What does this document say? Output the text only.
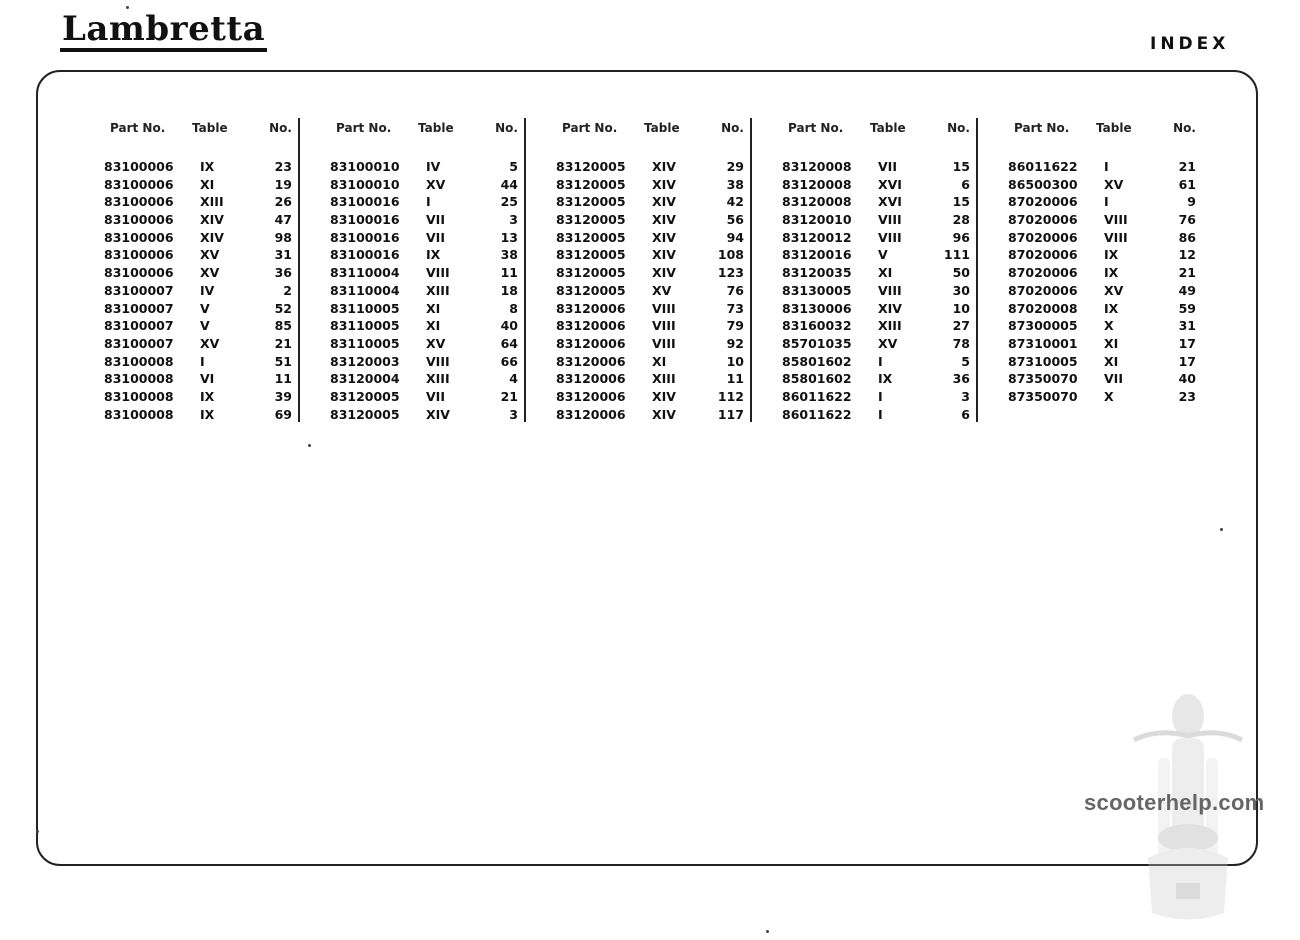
Lambretta	INDEX
Part No.	Table	No.
83100006	IX	23
83100006	XI	19
83100006	XIII	26
83100006	XIV	47
83100006	XIV	98
83100006	XV	31
83100006	XV	36
83100007	IV	2
83100007	V	52
83100007	V	85
83100007	XV	21
83100008	I	51
83100008	VI	11
83100008	IX	39
83100008	IX	69
Part No.	Table	No.
83100010	IV	5
83100010	XV	44
83100016	I	25
83100016	VII	3
83100016	VII	13
83100016	IX	38
83110004	VIII	11
83110004	XIII	18
83110005	XI	8
83110005	XI	40
83110005	XV	64
83120003	VIII	66
83120004	XIII	4
83120005	VII	21
83120005	XIV	3
Part No.	Table	No.
83120005	XIV	29
83120005	XIV	38
83120005	XIV	42
83120005	XIV	56
83120005	XIV	94
83120005	XIV	108
83120005	XIV	123
83120005	XV	76
83120006	VIII	73
83120006	VIII	79
83120006	VIII	92
83120006	XI	10
83120006	XIII	11
83120006	XIV	112
83120006	XIV	117
Part No.	Table	No.
83120008	VII	15
83120008	XVI	6
83120008	XVI	15
83120010	VIII	28
83120012	VIII	96
83120016	V	111
83120035	XI	50
83130005	VIII	30
83130006	XIV	10
83160032	XIII	27
85701035	XV	78
85801602	I	5
85801602	IX	36
86011622	I	3
86011622	I	6
Part No.	Table	No.
86011622	I	21
86500300	XV	61
87020006	I	9
87020006	VIII	76
87020006	VIII	86
87020006	IX	12
87020006	IX	21
87020006	XV	49
87020008	IX	59
87300005	X	31
87310001	XI	17
87310005	XI	17
87350070	VII	40
87350070	X	23
scooterhelp.com
